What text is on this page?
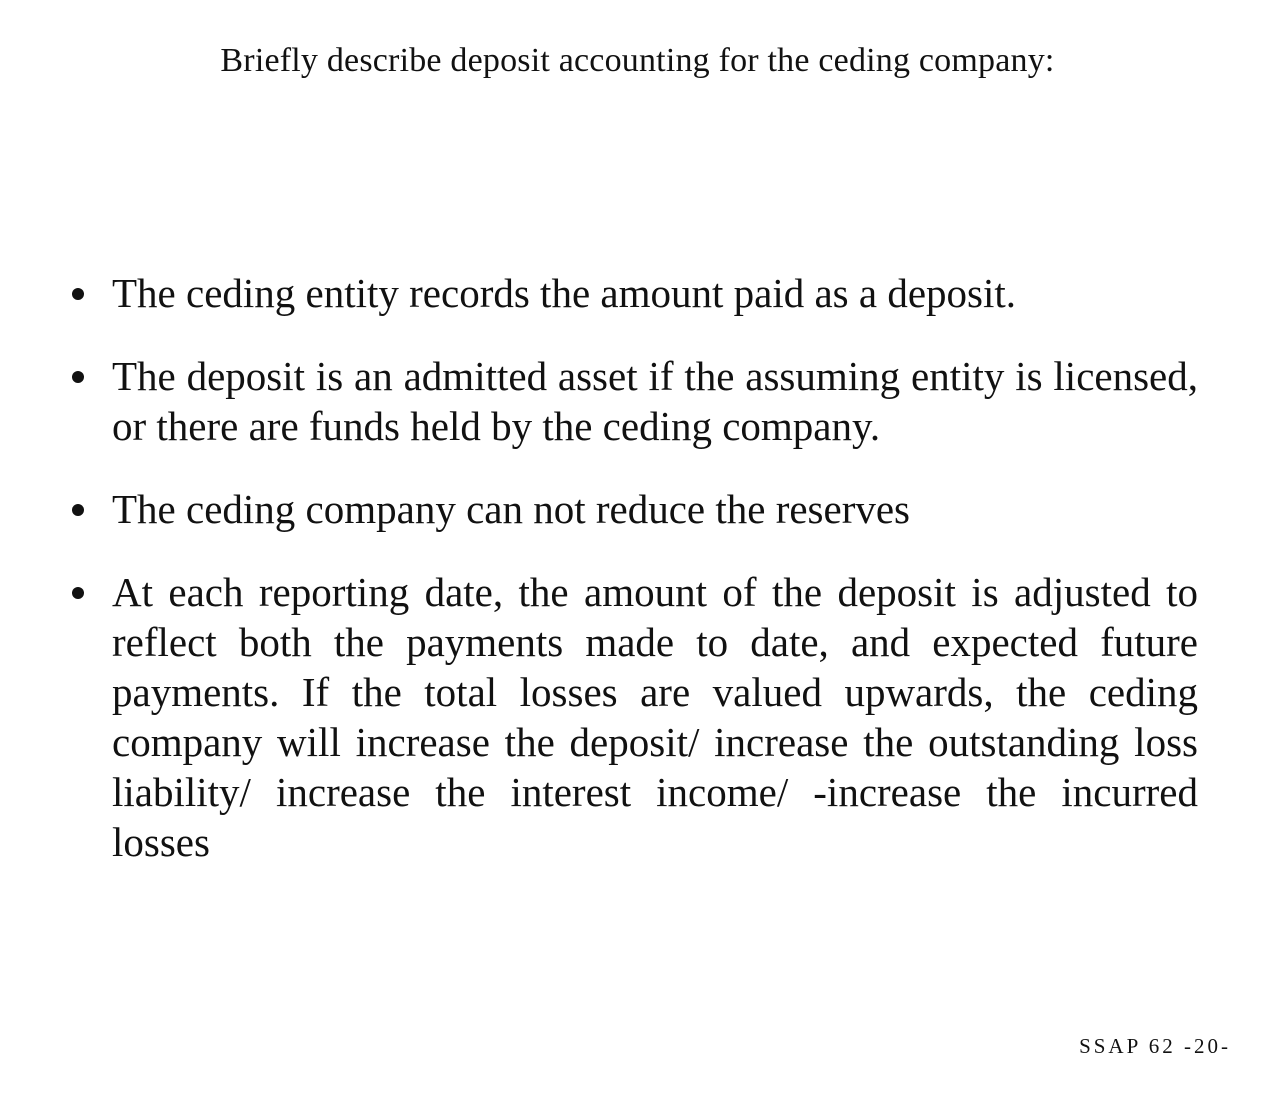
Briefly describe deposit accounting for the ceding company:
The ceding entity records the amount paid as a deposit.
The deposit is an admitted asset if the assuming entity is licensed, or there are funds held by the ceding company.
The ceding company can not reduce the reserves
At each reporting date, the amount of the deposit is adjusted to reflect both the payments made to date, and expected future payments. If the total losses are valued upwards, the ceding company will increase the deposit/ increase the outstanding loss liability/ increase the interest income/ -increase the incurred losses
SSAP 62 -20-
